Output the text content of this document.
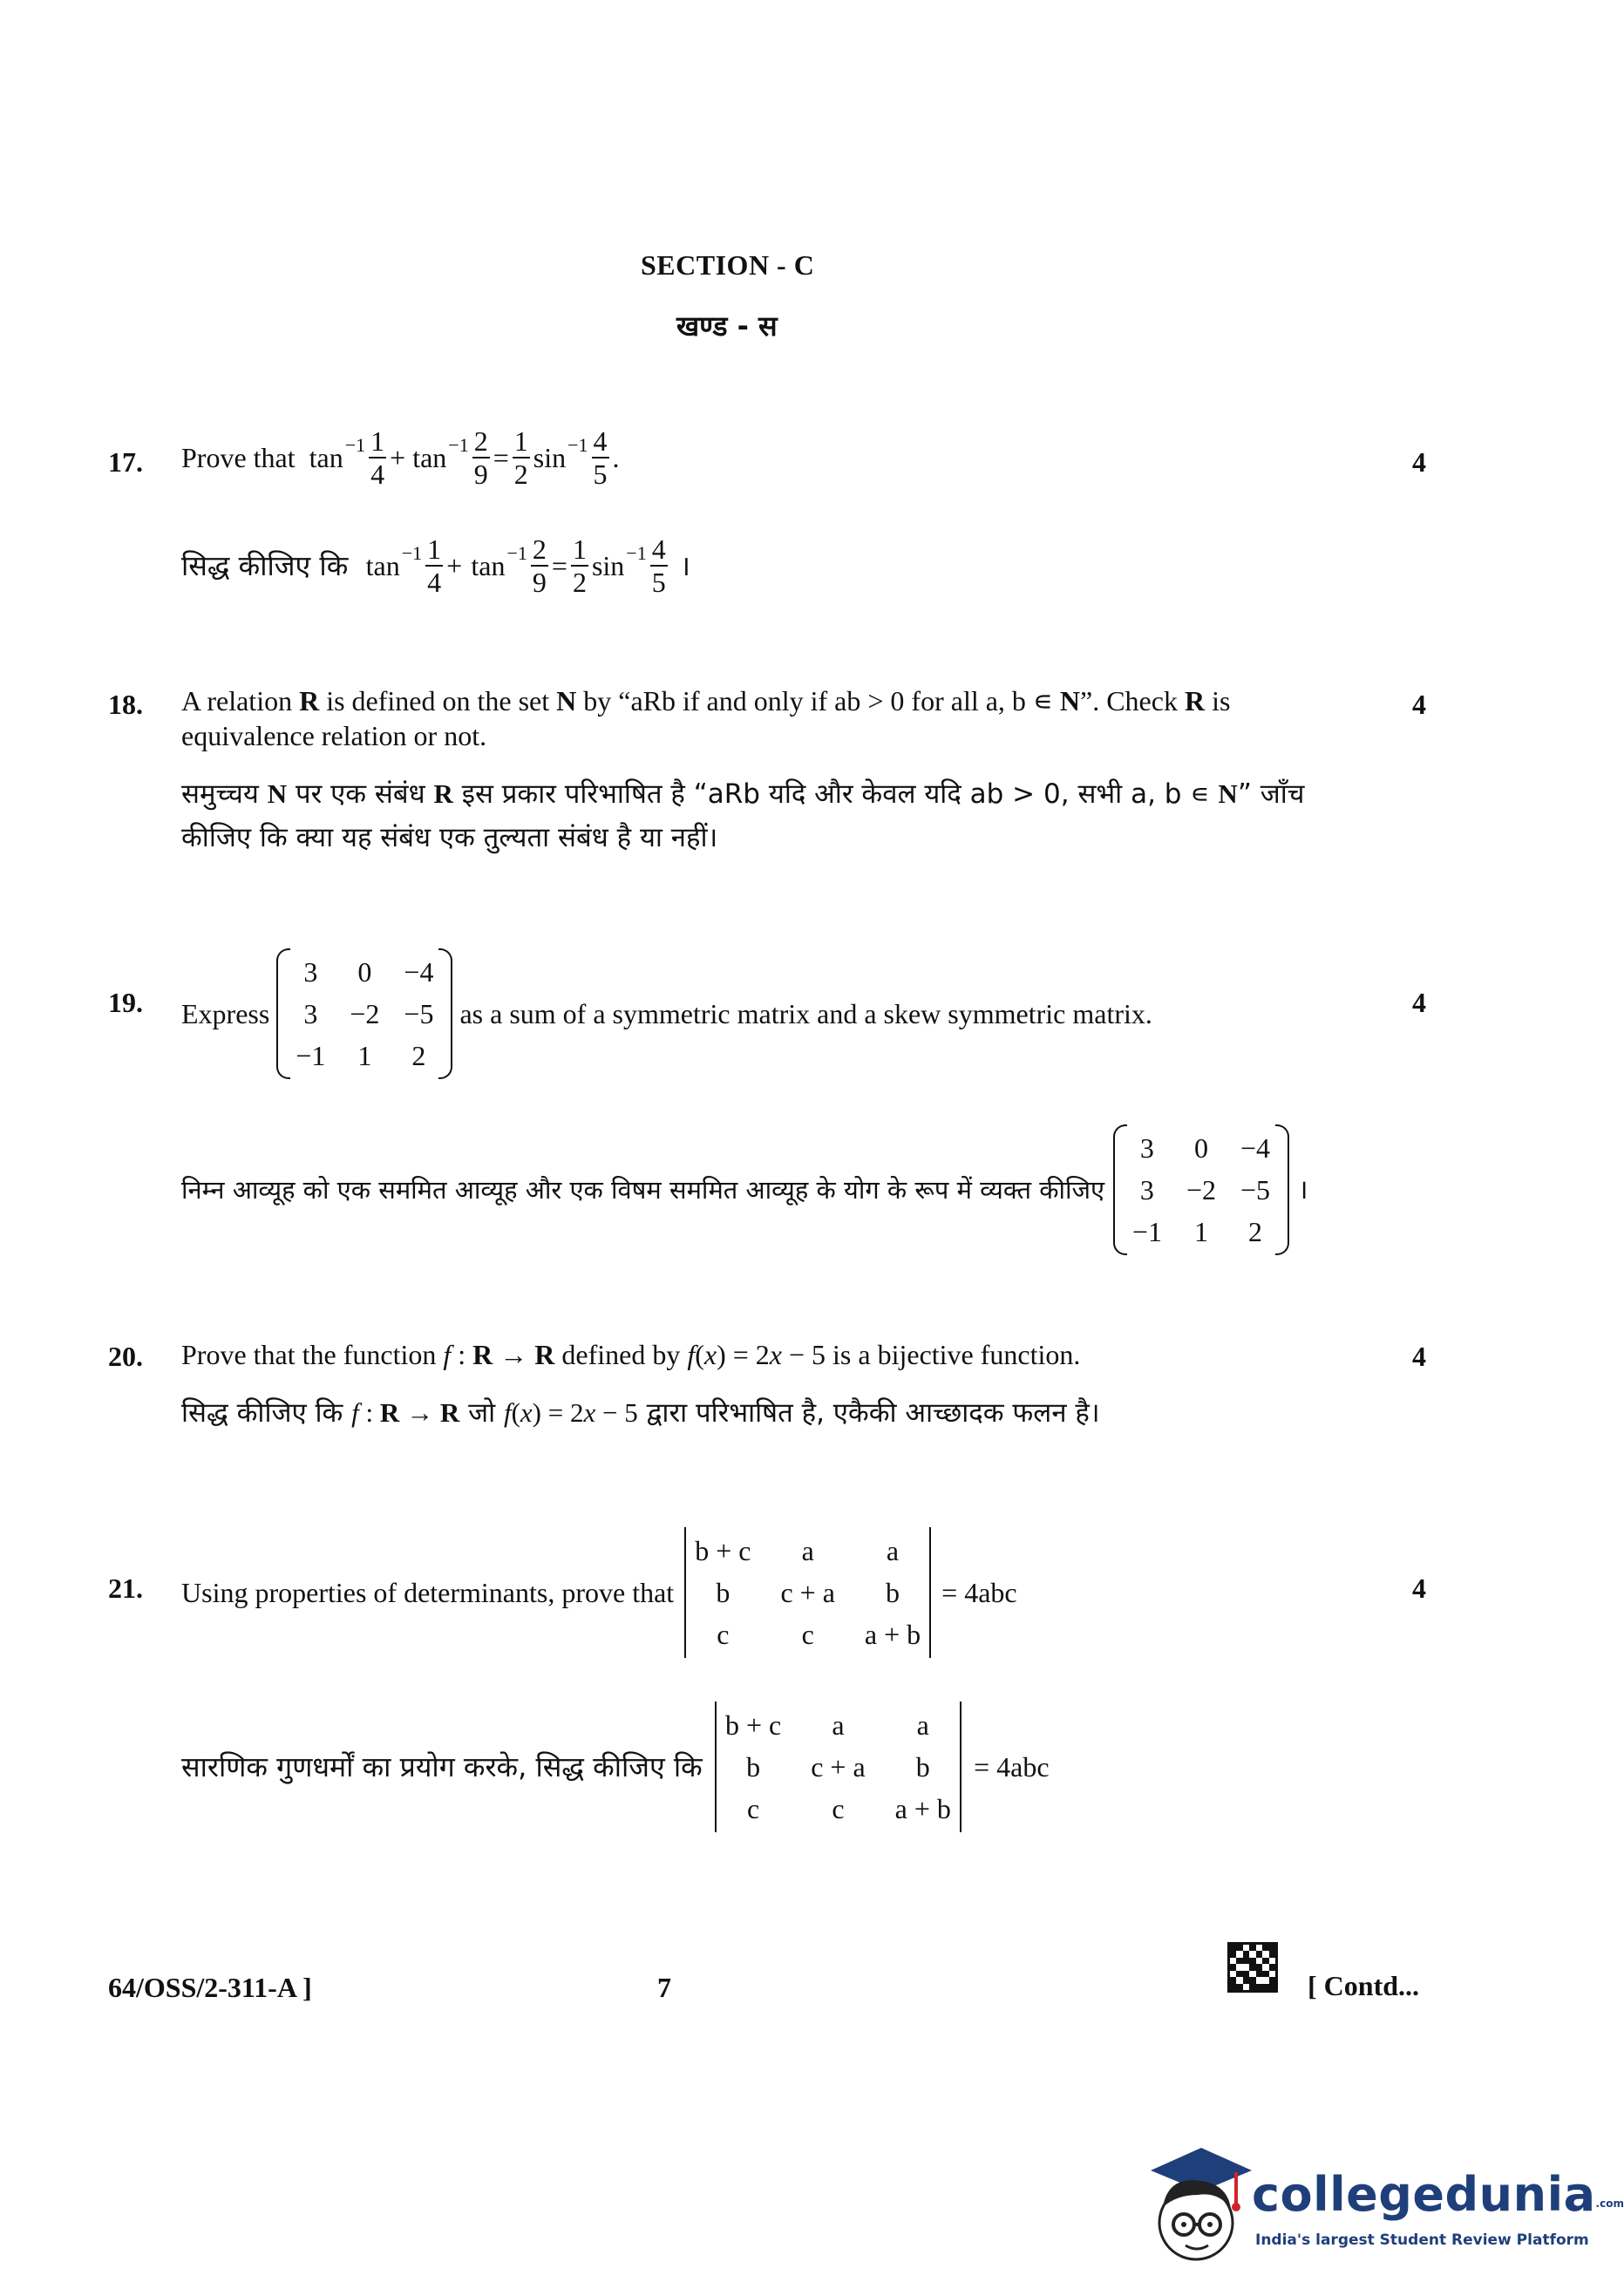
SECTION - C
खण्ड - स
17.	4
Prove that
$\tan -1 \frac{1}{4}$ +
$\tan -1 \frac{2}{9} = \frac{1}{2}$ $\sin -1 \frac{4}{5}$ .
सिद्ध कीजिए कि
$\tan -1 \frac{1}{4}$ +
$\tan -1 \frac{2}{9} = \frac{1}{2}$ $\sin -1 \frac{4}{5}$
।
18.	4
A relation R is defined on the set N by “aRb if and only if ab > 0 for all a, b ∊ N”. Check R is equivalence relation or not.
समुच्चय N पर एक संबंध R इस प्रकार परिभाषित है “aRb यदि और केवल यदि ab > 0, सभी a, b ∊ N” जाँच
कीजिए कि क्या यह संबंध एक तुल्यता संबंध है या नहीं।
19.	4
Express

3 0 −4
3 −2 −5
−1 1 2

as a sum of a symmetric matrix and a skew symmetric matrix.
निम्न आव्यूह को एक सममित आव्यूह और एक विषम सममित आव्यूह के योग के रूप में व्यक्त कीजिए

3 0 −4
3 −2 −5
−1 1 2

।
20.	4
Prove that the function f : R → R defined by f(x) = 2x − 5 is a bijective function.
सिद्ध कीजिए कि f : R → R जो f(x) = 2x − 5 द्वारा परिभाषित है, एकैकी आच्छादक फलन है।
21.	4
Using properties of determinants, prove that

b + c	a	a
b	c + a	b
c	c	a + b

= 4abc
सारणिक गुणधर्मों का प्रयोग करके, सिद्ध कीजिए कि

b + c	a	a
b	c + a	b
c	c	a + b

= 4abc
64/OSS/2-311-A ]	7	[ Contd...
collegedunia$^{.com}$
India's largest Student Review Platform
